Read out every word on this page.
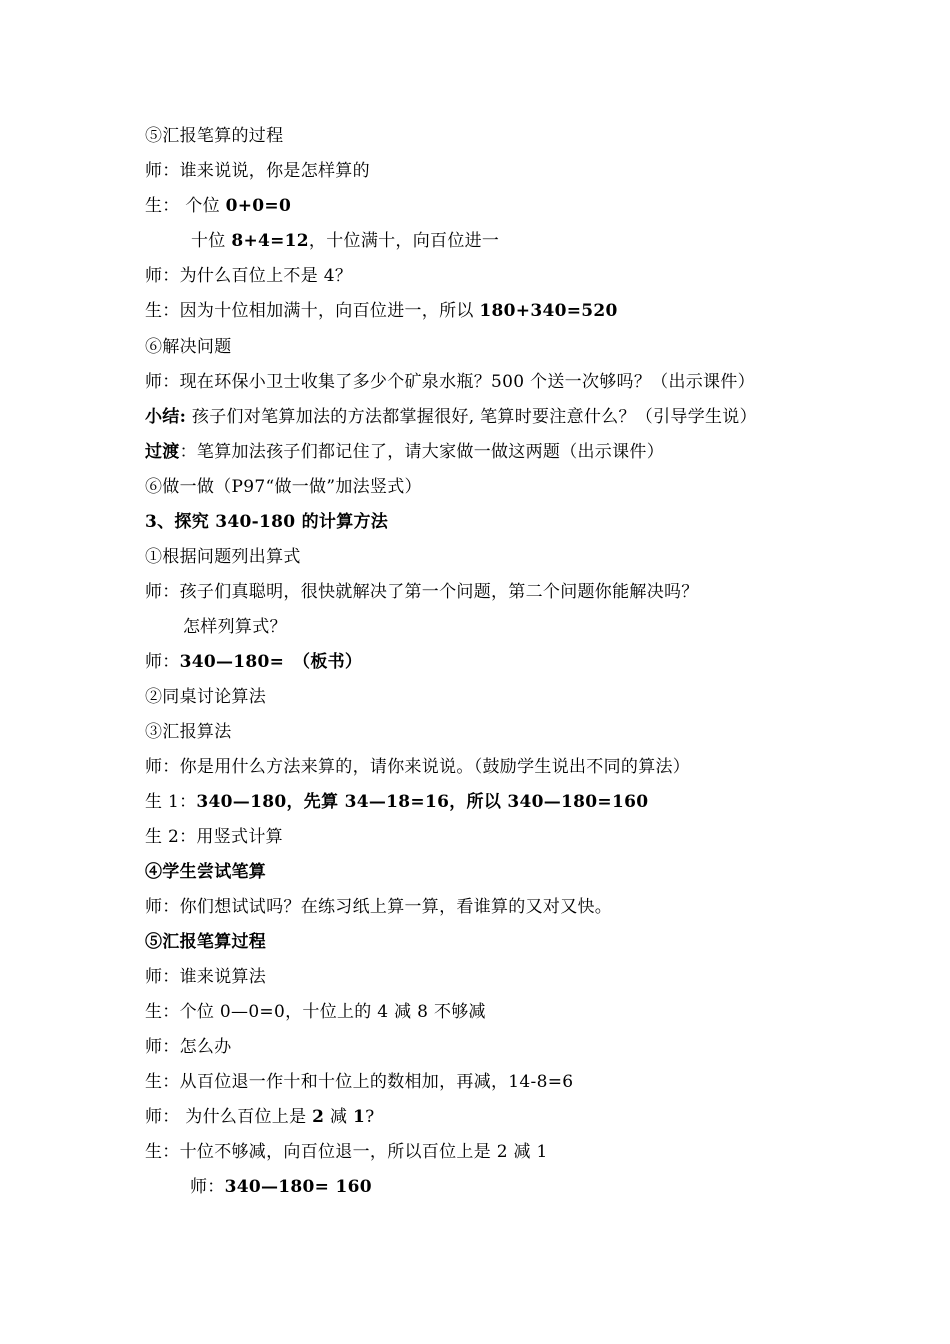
⑤汇报笔算的过程
师：谁来说说，你是怎样算的
生： 个位 0+0=0
十位 8+4=12，十位满十，向百位进一
师：为什么百位上不是 4？
生：因为十位相加满十，向百位进一，所以 180+340=520
⑥解决问题
师：现在环保小卫士收集了多少个矿泉水瓶？500 个送一次够吗？（出示课件）
小结: 孩子们对笔算加法的方法都掌握很好, 笔算时要注意什么？（引导学生说）
过渡：笔算加法孩子们都记住了，请大家做一做这两题（出示课件）
⑥做一做（P97“做一做”加法竖式）
3、探究 340-180 的计算方法
①根据问题列出算式
师：孩子们真聪明，很快就解决了第一个问题，第二个问题你能解决吗？
怎样列算式？
师：340—180=　（板书）
②同桌讨论算法
③汇报算法
师：你是用什么方法来算的，请你来说说。（鼓励学生说出不同的算法）
生 1：340—180，先算 34—18=16，所以 340—180=160
生 2：用竖式计算
④学生尝试笔算
师：你们想试试吗？在练习纸上算一算，看谁算的又对又快。
⑤汇报笔算过程
师：谁来说算法
生：个位 0—0=0，十位上的 4 减 8 不够减
师：怎么办
生：从百位退一作十和十位上的数相加，再减，14-8=6
师： 为什么百位上是 2 减 1?
生：十位不够减，向百位退一，所以百位上是 2 减 1
师：340—180= 160
